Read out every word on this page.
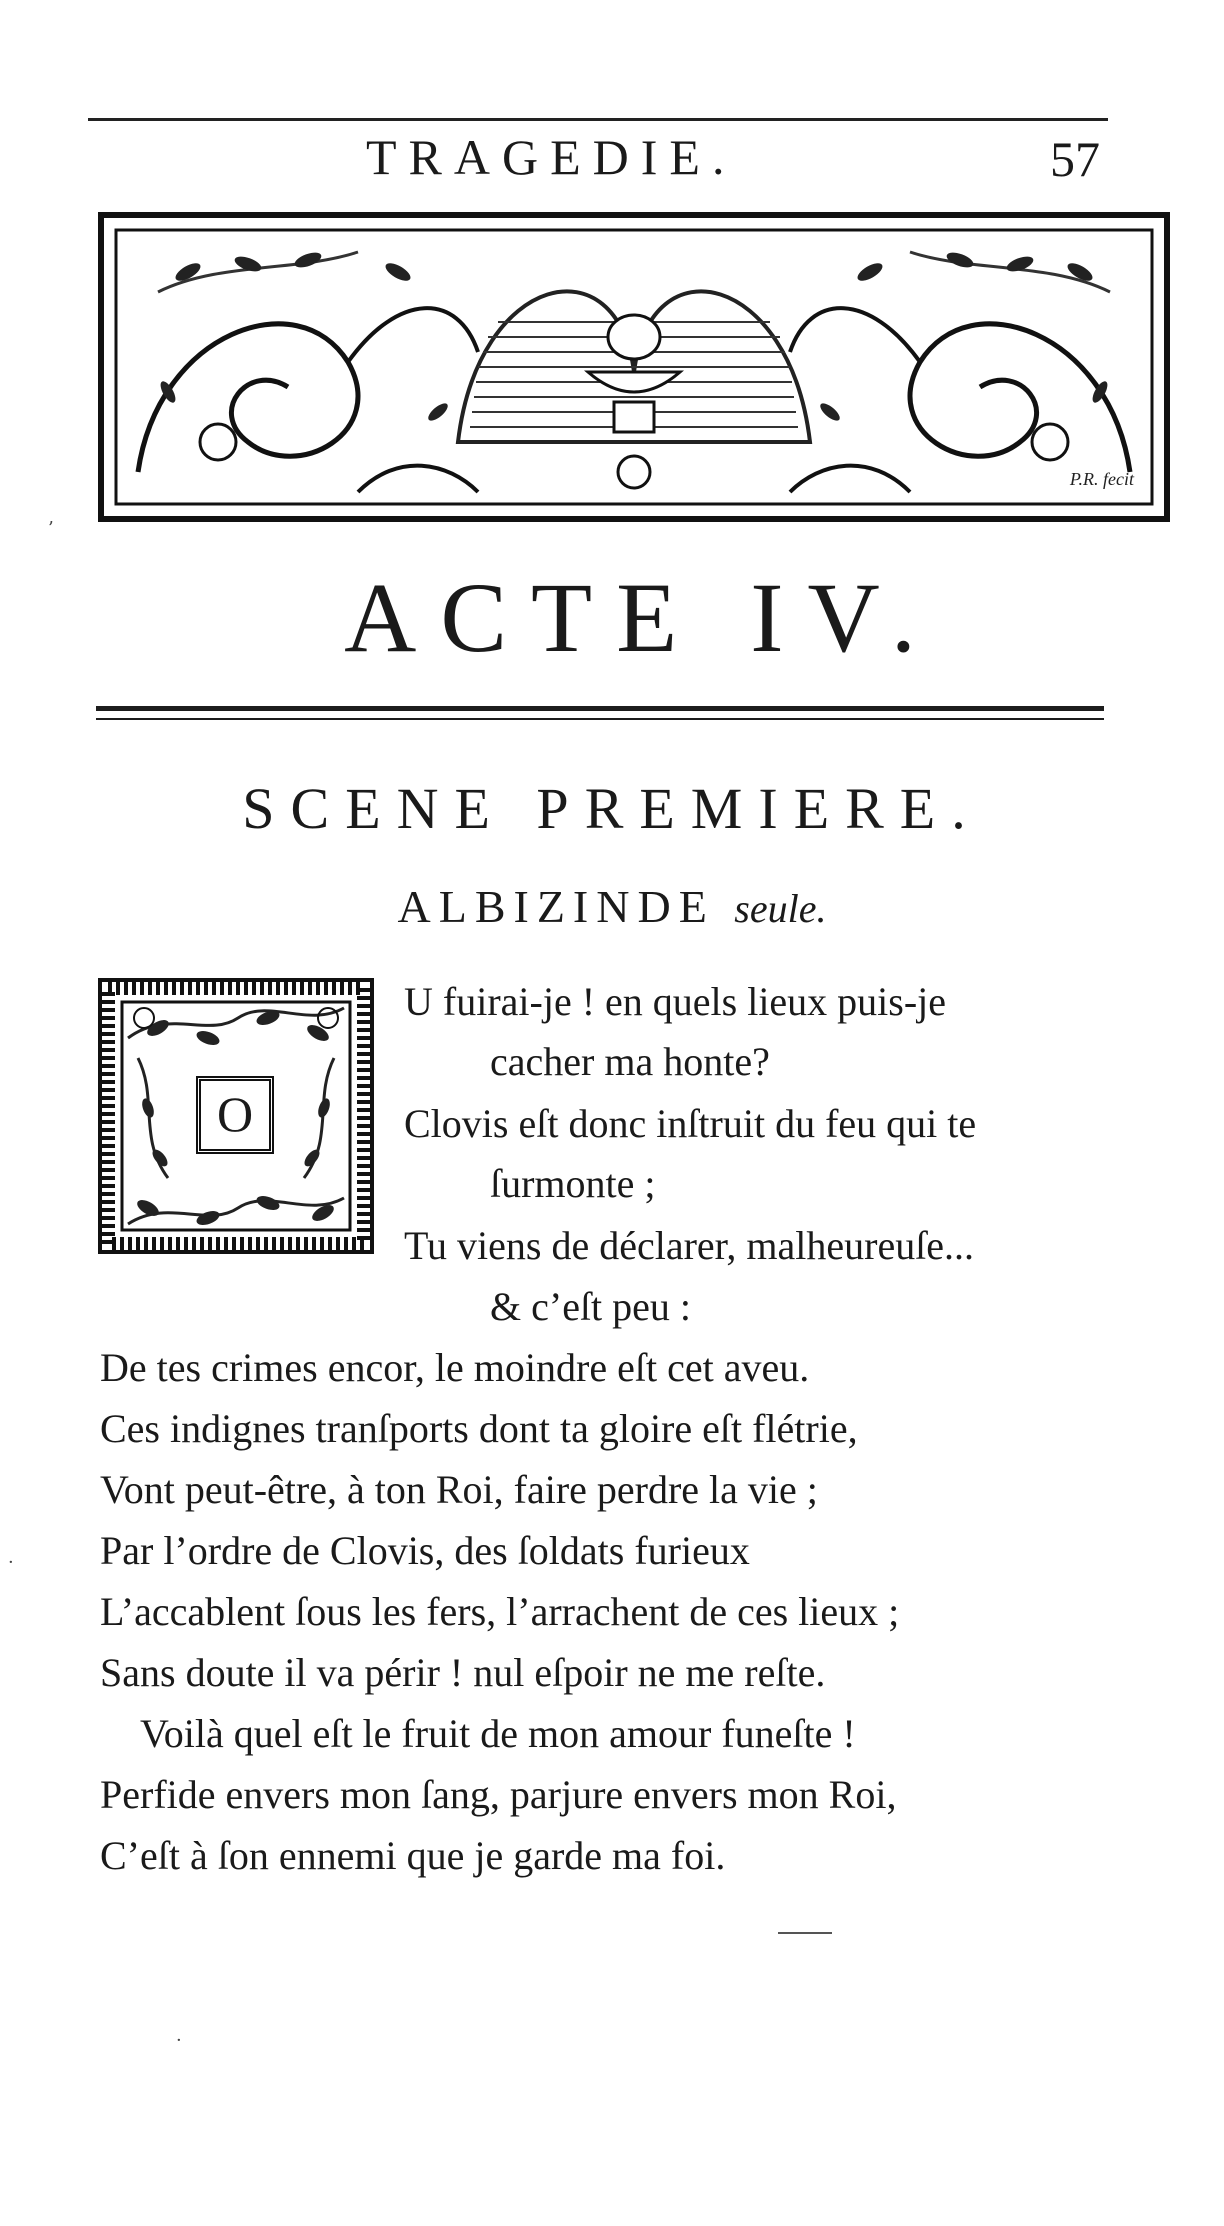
TRAGEDIE.	57
P.R. fecit
ACTE IV.
SCENE PREMIERE.
ALBIZINDE seule.
O
U fuirai-je ! en quels lieux puis-je
cacher ma honte?
Clovis eſt donc inſtruit du feu qui te
ſurmonte ;
Tu viens de déclarer, malheureuſe...
& c’eſt peu :
De tes crimes encor, le moindre eſt cet aveu.
Ces indignes tranſports dont ta gloire eſt flétrie,
Vont peut-être, à ton Roi, faire perdre la vie ;
Par l’ordre de Clovis, des ſoldats furieux
L’accablent ſous les fers, l’arrachent de ces lieux ;
Sans doute il va périr ! nul eſpoir ne me reſte.
Voilà quel eſt le fruit de mon amour funeſte !
Perfide envers mon ſang, parjure envers mon Roi,
C’eſt à ſon ennemi que je garde ma foi.
’
·
·
